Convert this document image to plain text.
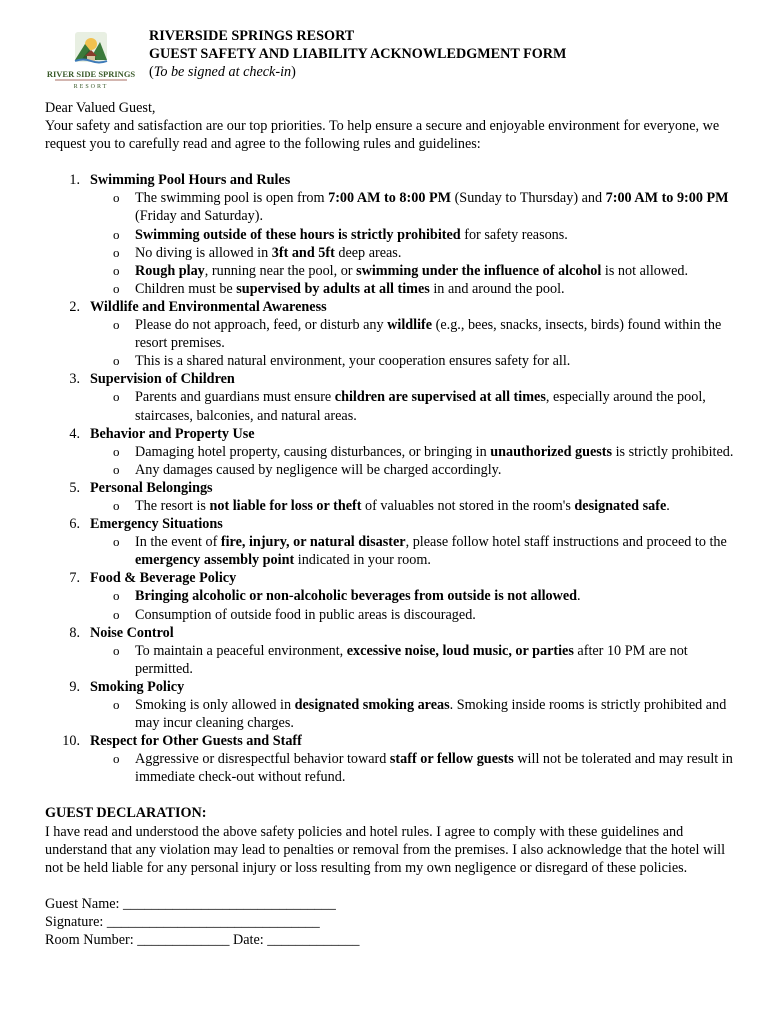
RIVER SIDE SPRINGS
RESORT
RIVERSIDE SPRINGS RESORT
GUEST SAFETY AND LIABILITY ACKNOWLEDGMENT FORM
(To be signed at check-in)

Dear Valued Guest,

Your safety and satisfaction are our top priorities. To help ensure a secure and enjoyable environment for everyone, we request you to carefully read and agree to the following rules and guidelines:

1. Swimming Pool Hours and Rules
o The swimming pool is open from 7:00 AM to 8:00 PM (Sunday to Thursday) and 7:00 AM to 9:00 PM (Friday and Saturday).
o Swimming outside of these hours is strictly prohibited for safety reasons.
o No diving is allowed in 3ft and 5ft deep areas.
o Rough play, running near the pool, or swimming under the influence of alcohol is not allowed.
o Children must be supervised by adults at all times in and around the pool.
2. Wildlife and Environmental Awareness
o Please do not approach, feed, or disturb any wildlife (e.g., bees, snacks, insects, birds) found within the resort premises.
o This is a shared natural environment, your cooperation ensures safety for all.
3. Supervision of Children
o Parents and guardians must ensure children are supervised at all times, especially around the pool, staircases, balconies, and natural areas.
4. Behavior and Property Use
o Damaging hotel property, causing disturbances, or bringing in unauthorized guests is strictly prohibited.
o Any damages caused by negligence will be charged accordingly.
5. Personal Belongings
o The resort is not liable for loss or theft of valuables not stored in the room's designated safe.
6. Emergency Situations
o In the event of fire, injury, or natural disaster, please follow hotel staff instructions and proceed to the emergency assembly point indicated in your room.
7. Food & Beverage Policy
o Bringing alcoholic or non-alcoholic beverages from outside is not allowed.
o Consumption of outside food in public areas is discouraged.
8. Noise Control
o To maintain a peaceful environment, excessive noise, loud music, or parties after 10 PM are not permitted.
9. Smoking Policy
o Smoking is only allowed in designated smoking areas. Smoking inside rooms is strictly prohibited and may incur cleaning charges.
10. Respect for Other Guests and Staff
o Aggressive or disrespectful behavior toward staff or fellow guests will not be tolerated and may result in immediate check-out without refund.
GUEST DECLARATION:
I have read and understood the above safety policies and hotel rules. I agree to comply with these guidelines and understand that any violation may lead to penalties or removal from the premises. I also acknowledge that the hotel will not be held liable for any personal injury or loss resulting from my own negligence or disregard of these policies.
Guest Name: ______________________________
Signature: ______________________________
Room Number: _____________ Date: _____________
